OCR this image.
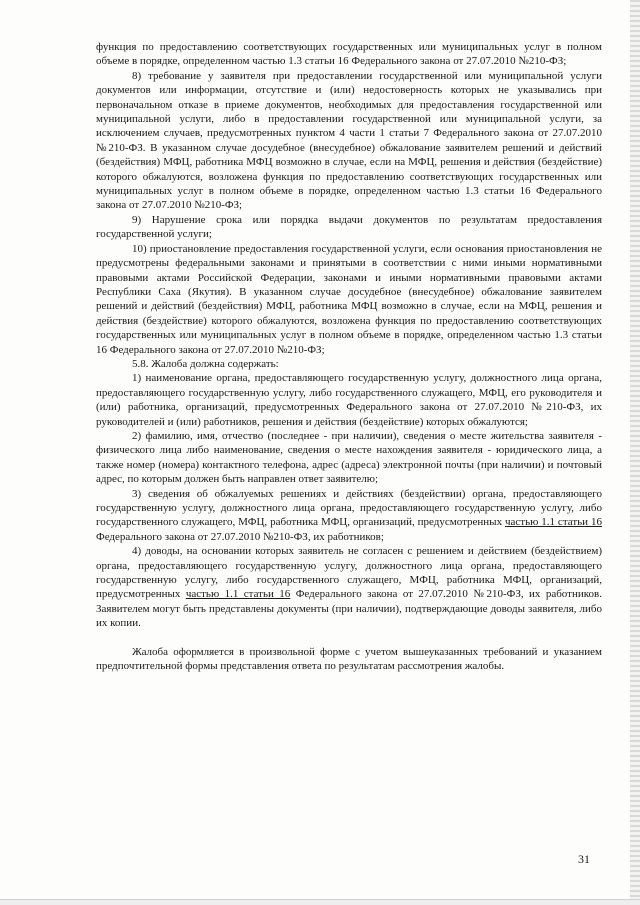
функция по предоставлению соответствующих государственных или муниципальных услуг в полном объеме в порядке, определенном частью 1.3 статьи 16 Федерального закона от 27.07.2010 №210-ФЗ;

8) требование у заявителя при предоставлении государственной или муниципальной услуги документов или информации, отсутствие и (или) недостоверность которых не указывались при первоначальном отказе в приеме документов, необходимых для предоставления государственной или муниципальной услуги, либо в предоставлении государственной или муниципальной услуги, за исключением случаев, предусмотренных пунктом 4 части 1 статьи 7 Федерального закона от 27.07.2010 №210-ФЗ. В указанном случае досудебное (внесудебное) обжалование заявителем решений и действий (бездействия) МФЦ, работника МФЦ возможно в случае, если на МФЦ, решения и действия (бездействие) которого обжалуются, возложена функция по предоставлению соответствующих государственных или муниципальных услуг в полном объеме в порядке, определенном частью 1.3 статьи 16 Федерального закона от 27.07.2010 №210-ФЗ;

9) Нарушение срока или порядка выдачи документов по результатам предоставления государственной услуги;

10) приостановление предоставления государственной услуги, если основания приостановления не предусмотрены федеральными законами и принятыми в соответствии с ними иными нормативными правовыми актами Российской Федерации, законами и иными нормативными правовыми актами Республики Саха (Якутия). В указанном случае досудебное (внесудебное) обжалование заявителем решений и действий (бездействия) МФЦ, работника МФЦ возможно в случае, если на МФЦ, решения и действия (бездействие) которого обжалуются, возложена функция по предоставлению соответствующих государственных или муниципальных услуг в полном объеме в порядке, определенном частью 1.3 статьи 16 Федерального закона от 27.07.2010 №210-ФЗ;

5.8. Жалоба должна содержать:

1) наименование органа, предоставляющего государственную услугу, должностного лица органа, предоставляющего государственную услугу, либо государственного служащего, МФЦ, его руководителя и (или) работника, организаций, предусмотренных Федерального закона от 27.07.2010 №210-ФЗ, их руководителей и (или) работников, решения и действия (бездействие) которых обжалуются;

2) фамилию, имя, отчество (последнее - при наличии), сведения о месте жительства заявителя - физического лица либо наименование, сведения о месте нахождения заявителя - юридического лица, а также номер (номера) контактного телефона, адрес (адреса) электронной почты (при наличии) и почтовый адрес, по которым должен быть направлен ответ заявителю;

3) сведения об обжалуемых решениях и действиях (бездействии) органа, предоставляющего государственную услугу, должностного лица органа, предоставляющего государственную услугу, либо государственного служащего, МФЦ, работника МФЦ, организаций, предусмотренных частью 1.1 статьи 16 Федерального закона от 27.07.2010 №210-ФЗ, их работников;

4) доводы, на основании которых заявитель не согласен с решением и действием (бездействием) органа, предоставляющего государственную услугу, должностного лица органа, предоставляющего государственную услугу, либо государственного служащего, МФЦ, работника МФЦ, организаций, предусмотренных частью 1.1 статьи 16 Федерального закона от 27.07.2010 №210-ФЗ, их работников. Заявителем могут быть представлены документы (при наличии), подтверждающие доводы заявителя, либо их копии.

Жалоба оформляется в произвольной форме с учетом вышеуказанных требований и указанием предпочтительной формы представления ответа по результатам рассмотрения жалобы.

31
